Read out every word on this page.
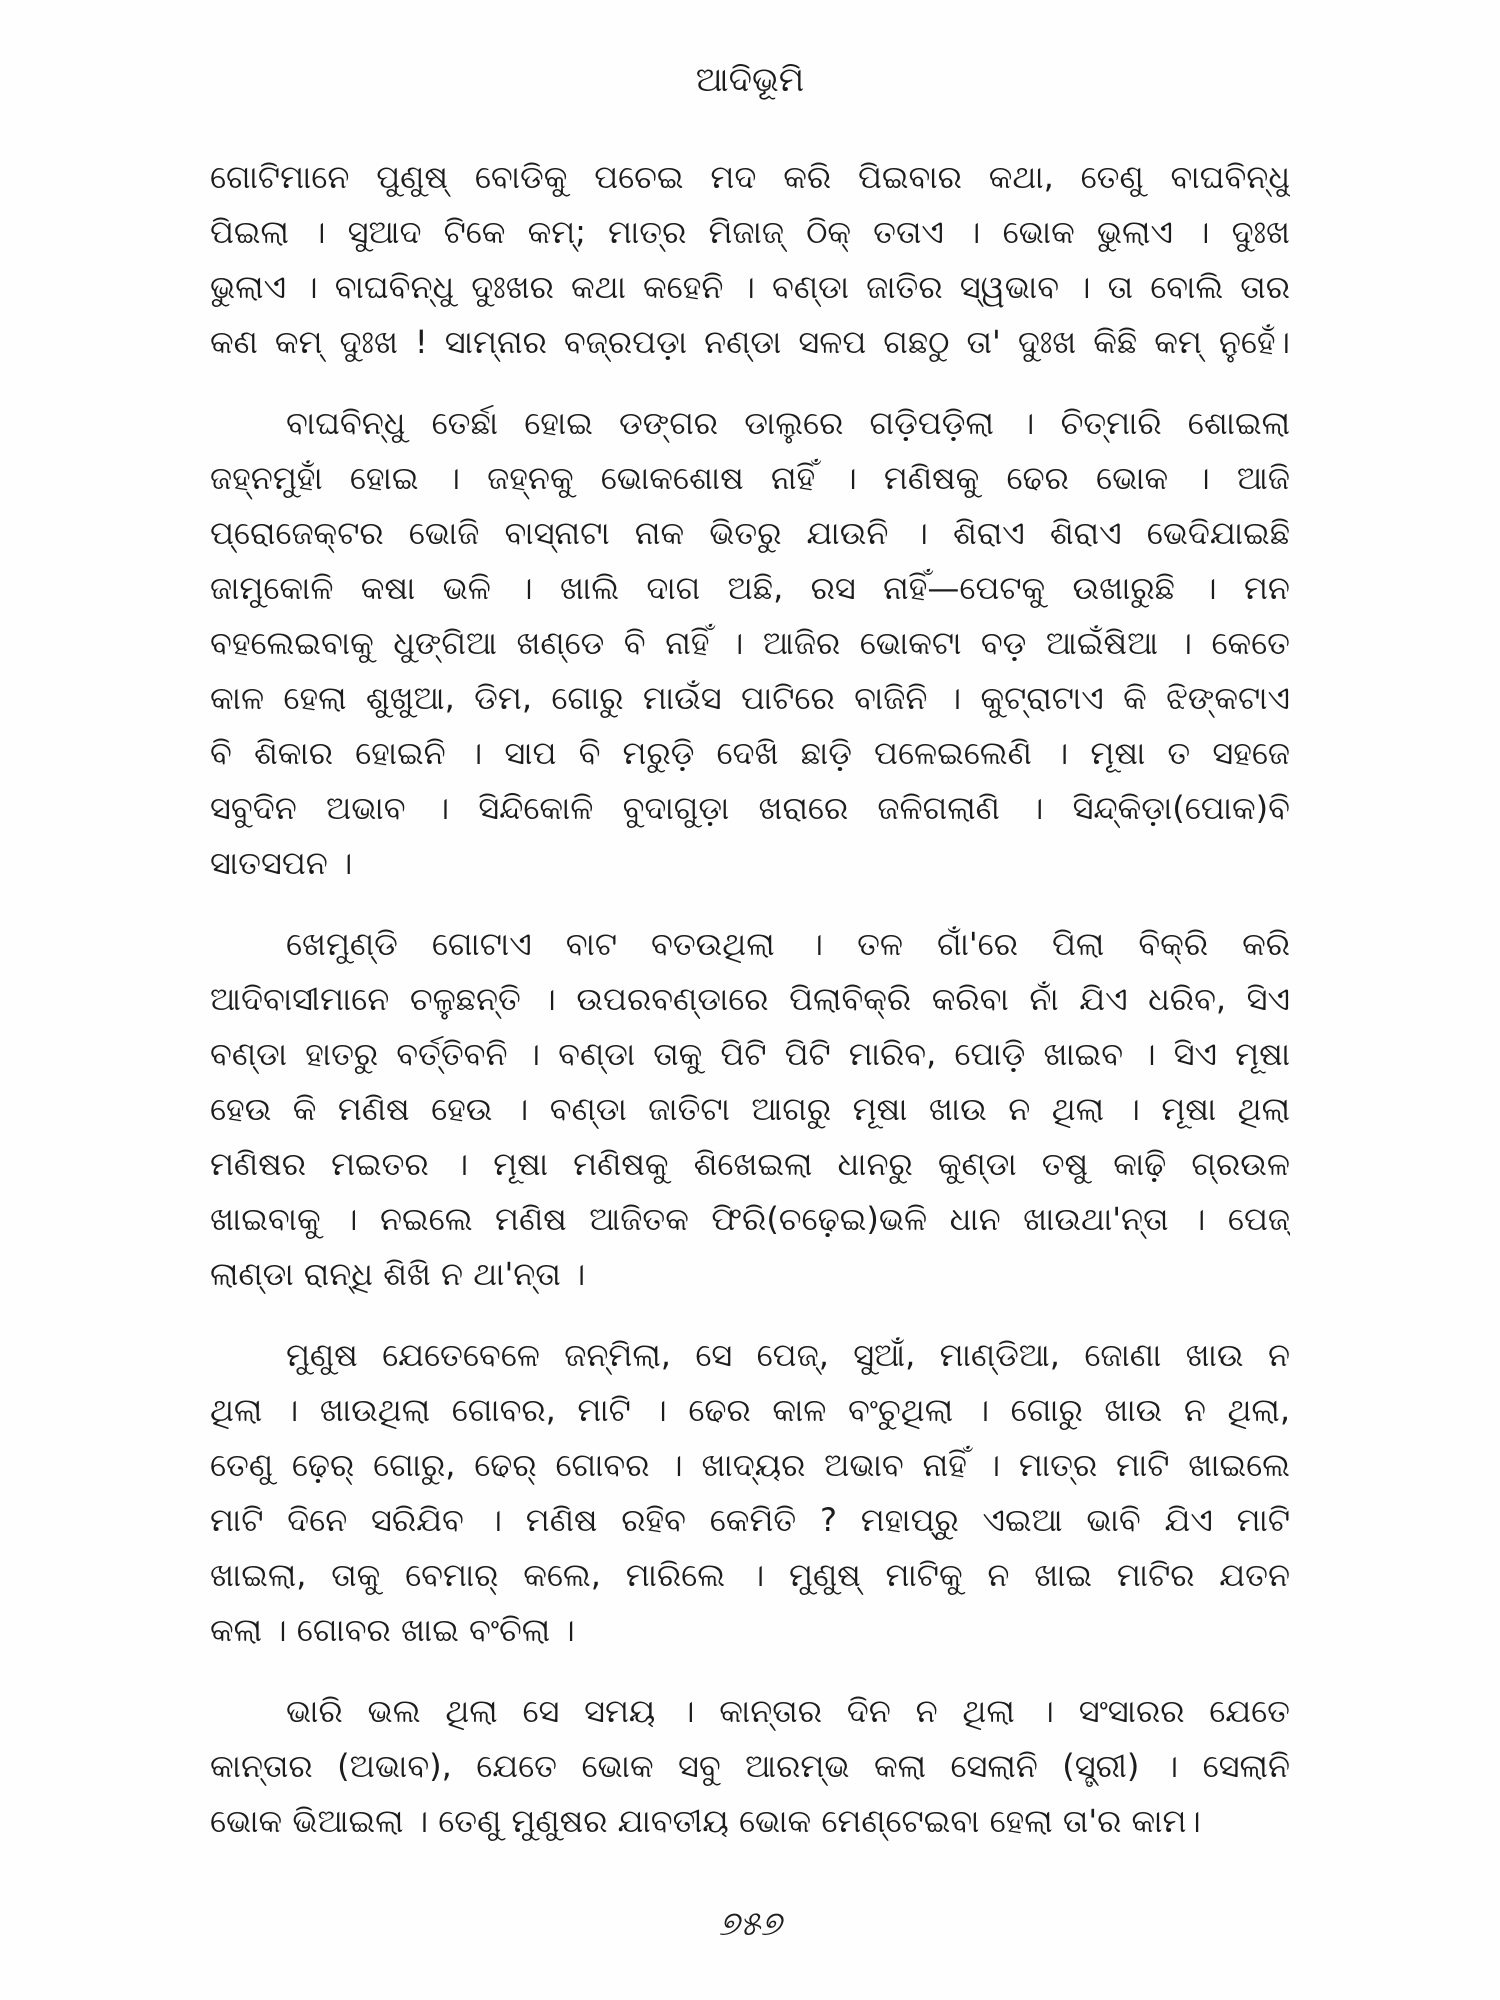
ଆଦିଭୂମି
ଗୋଟିମାନେ ପୁଣୁଷ୍ ବୋଡିକୁ ପଚେଇ ମଦ କରି ପିଇବାର କଥା, ତେଣୁ ବାଘବିନ୍ଧୁ
ପିଇଲା । ସୁଆଦ ଟିକେ କମ୍; ମାତ୍ର ମିଜାଜ୍ ଠିକ୍ ତତାଏ । ଭୋକ ଭୁଲାଏ । ଦୁଃଖ
ଭୁଲାଏ । ବାଘବିନ୍ଧୁ ଦୁଃଖର କଥା କହେନି । ବଣ୍ଡା ଜାତିର ସ୍ୱଭାବ । ତା ବୋଲି ତାର
କଣ କମ୍ ଦୁଃଖ ! ସାମ୍ନାର ବଜ୍ରପଡ଼ା ନଣ୍ଡା ସଳପ ଗଛଠୁ ତା' ଦୁଃଖ କିଛି କମ୍ ନୁହେଁ।
ବାଘବିନ୍ଧୁ ତେର୍ଛା ହୋଇ ଡଙ୍ଗର ଡାଲୁରେ ଗଡ଼ିପଡ଼ିଲା । ଚିତ୍‌ମାରି ଶୋଇଲା
ଜହ୍ନମୁହାଁ ହୋଇ । ଜହ୍ନକୁ ଭୋକଶୋଷ ନାହିଁ । ମଣିଷକୁ ଢେର ଭୋକ । ଆଜି
ପ୍ରୋଜେକ୍ଟର ଭୋଜି ବାସ୍ନାଟା ନାକ ଭିତରୁ ଯାଉନି । ଶିରାଏ ଶିରାଏ ଭେଦିଯାଇଛି
ଜାମୁକୋଳି କଷା ଭଳି । ଖାଲି ଦାଗ ଅଛି, ରସ ନାହିଁ—ପେଟକୁ ଉଖାରୁଛି । ମନ
ବହଲେଇବାକୁ ଧୁଙ୍ଗିଆ ଖଣ୍ଡେ ବି ନାହିଁ । ଆଜିର ଭୋକଟା ବଡ଼ ଆଇଁଷିଆ । କେତେ
କାଳ ହେଲା ଶୁଖୁଆ, ଡିମ, ଗୋରୁ ମାଉଁସ ପାଟିରେ ବାଜିନି । କୁଟ୍‌ରାଟାଏ କି ଝିଙ୍କଟାଏ
ବି ଶିକାର ହୋଇନି । ସାପ ବି ମରୁଡ଼ି ଦେଖି ଛାଡ଼ି ପଳେଇଲେଣି । ମୂଷା ତ ସହଜେ
ସବୁଦିନ ଅଭାବ । ସିନ୍ଦିକୋଳି ବୁଦାଗୁଡ଼ା ଖରାରେ ଜଳିଗଲାଣି । ସିନ୍ଦ୍‌କିଡ଼ା(ପୋକ)ବି
ସାତସପନ ।
ଖେମୁଣ୍ଡି ଗୋଟାଏ ବାଟ ବତଉଥିଲା । ତଳ ଗାଁ'ରେ ପିଲା ବିକ୍ରି କରି
ଆଦିବାସୀମାନେ ଚଳୁଛନ୍ତି । ଉପରବଣ୍ଡାରେ ପିଲାବିକ୍ରି କରିବା ନାଁ ଯିଏ ଧରିବ, ସିଏ
ବଣ୍ଡା ହାତରୁ ବର୍ତ୍ତିବନି । ବଣ୍ଡା ତାକୁ ପିଟି ପିଟି ମାରିବ, ପୋଡ଼ି ଖାଇବ । ସିଏ ମୂଷା
ହେଉ କି ମଣିଷ ହେଉ । ବଣ୍ଡା ଜାତିଟା ଆଗରୁ ମୂଷା ଖାଉ ନ ଥିଲା । ମୂଷା ଥିଲା
ମଣିଷର ମଇତର । ମୂଷା ମଣିଷକୁ ଶିଖେଇଲା ଧାନରୁ କୁଣ୍ଡା ତଷୁ କାଢ଼ି ଗ୍ରଉଳ
ଖାଇବାକୁ । ନଇଲେ ମଣିଷ ଆଜିତକ ଫିରି(ଚଢ଼େଇ)ଭଳି ଧାନ ଖାଉଥା'ନ୍ତା । ପେଜ୍
ଲାଣ୍ଡା ରାନ୍ଧି ଶିଖି ନ ଥା'ନ୍ତା ।
ମୁଣୁଷ ଯେତେବେଳେ ଜନ୍ମିଲା, ସେ ପେଜ୍, ସୁଆଁ, ମାଣ୍ଡିଆ, ଜୋଣା ଖାଉ ନ
ଥିଲା । ଖାଉଥିଲା ଗୋବର, ମାଟି । ଢେର କାଳ ବଂଚୁଥିଲା । ଗୋରୁ ଖାଉ ନ ଥିଲା,
ତେଣୁ ଢ଼େର୍ ଗୋରୁ, ଢେର୍ ଗୋବର । ଖାଦ୍ୟର ଅଭାବ ନାହିଁ । ମାତ୍ର ମାଟି ଖାଇଲେ
ମାଟି ଦିନେ ସରିଯିବ । ମଣିଷ ରହିବ କେମିତି ? ମହାପ୍ରୁ ଏଇଆ ଭାବି ଯିଏ ମାଟି
ଖାଇଲା, ତାକୁ ବେମାର୍ କଲେ, ମାରିଲେ । ମୁଣୁଷ୍ ମାଟିକୁ ନ ଖାଇ ମାଟିର ଯତନ
କଲା । ଗୋବର ଖାଇ ବଂଚିଲା ।
ଭାରି ଭଲ ଥିଲା ସେ ସମୟ । କାନ୍ତାର ଦିନ ନ ଥିଲା । ସଂସାରର ଯେତେ
କାନ୍ତାର (ଅଭାବ), ଯେତେ ଭୋକ ସବୁ ଆରମ୍ଭ କଲା ସେଲାନି (ସ୍ତ୍ରୀ) । ସେଲାନି
ଭୋକ ଭିଆଇଲା । ତେଣୁ ମୁଣୁଷର ଯାବତୀୟ ଭୋକ ମେଣ୍ଟେଇବା ହେଲା ତା'ର କାମ।
୭୫୭
